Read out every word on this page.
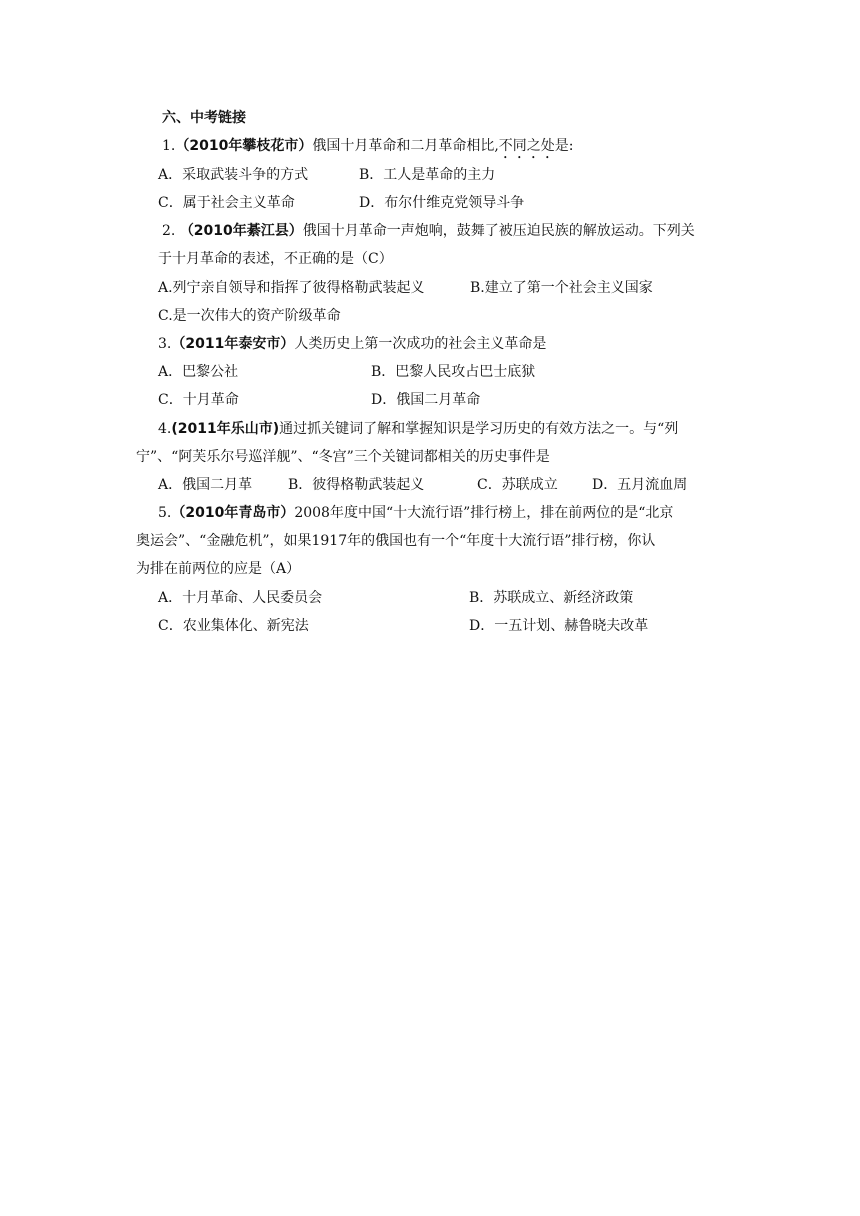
六、中考链接
1.（2010年攀枝花市）俄国十月革命和二月革命相比,不同之处是:
A．采取武装斗争的方式	B．工人是革命的主力
C．属于社会主义革命	D．布尔什维克党领导斗争
2. （2010年綦江县）俄国十月革命一声炮响，鼓舞了被压迫民族的解放运动。下列关
于十月革命的表述，不正确的是（C）
A.列宁亲自领导和指挥了彼得格勒武装起义	B.建立了第一个社会主义国家
C.是一次伟大的资产阶级革命
3.（2011年泰安市）人类历史上第一次成功的社会主义革命是
A．巴黎公社	B．巴黎人民攻占巴士底狱
C．十月革命	D．俄国二月革命
4.(2011年乐山市)通过抓关键词了解和掌握知识是学习历史的有效方法之一。与“列
宁”、“阿芙乐尔号巡洋舰”、“冬宫”三个关键词都相关的历史事件是
A．俄国二月革	B．彼得格勒武装起义	C．苏联成立 D．五月流血周
5.（2010年青岛市）2008年度中国“十大流行语”排行榜上，排在前两位的是“北京
奥运会”、“金融危机”，如果1917年的俄国也有一个“年度十大流行语”排行榜，你认
为排在前两位的应是（A）
A．十月革命、人民委员会	B．苏联成立、新经济政策
C．农业集体化、新宪法	D．一五计划、赫鲁晓夫改革
